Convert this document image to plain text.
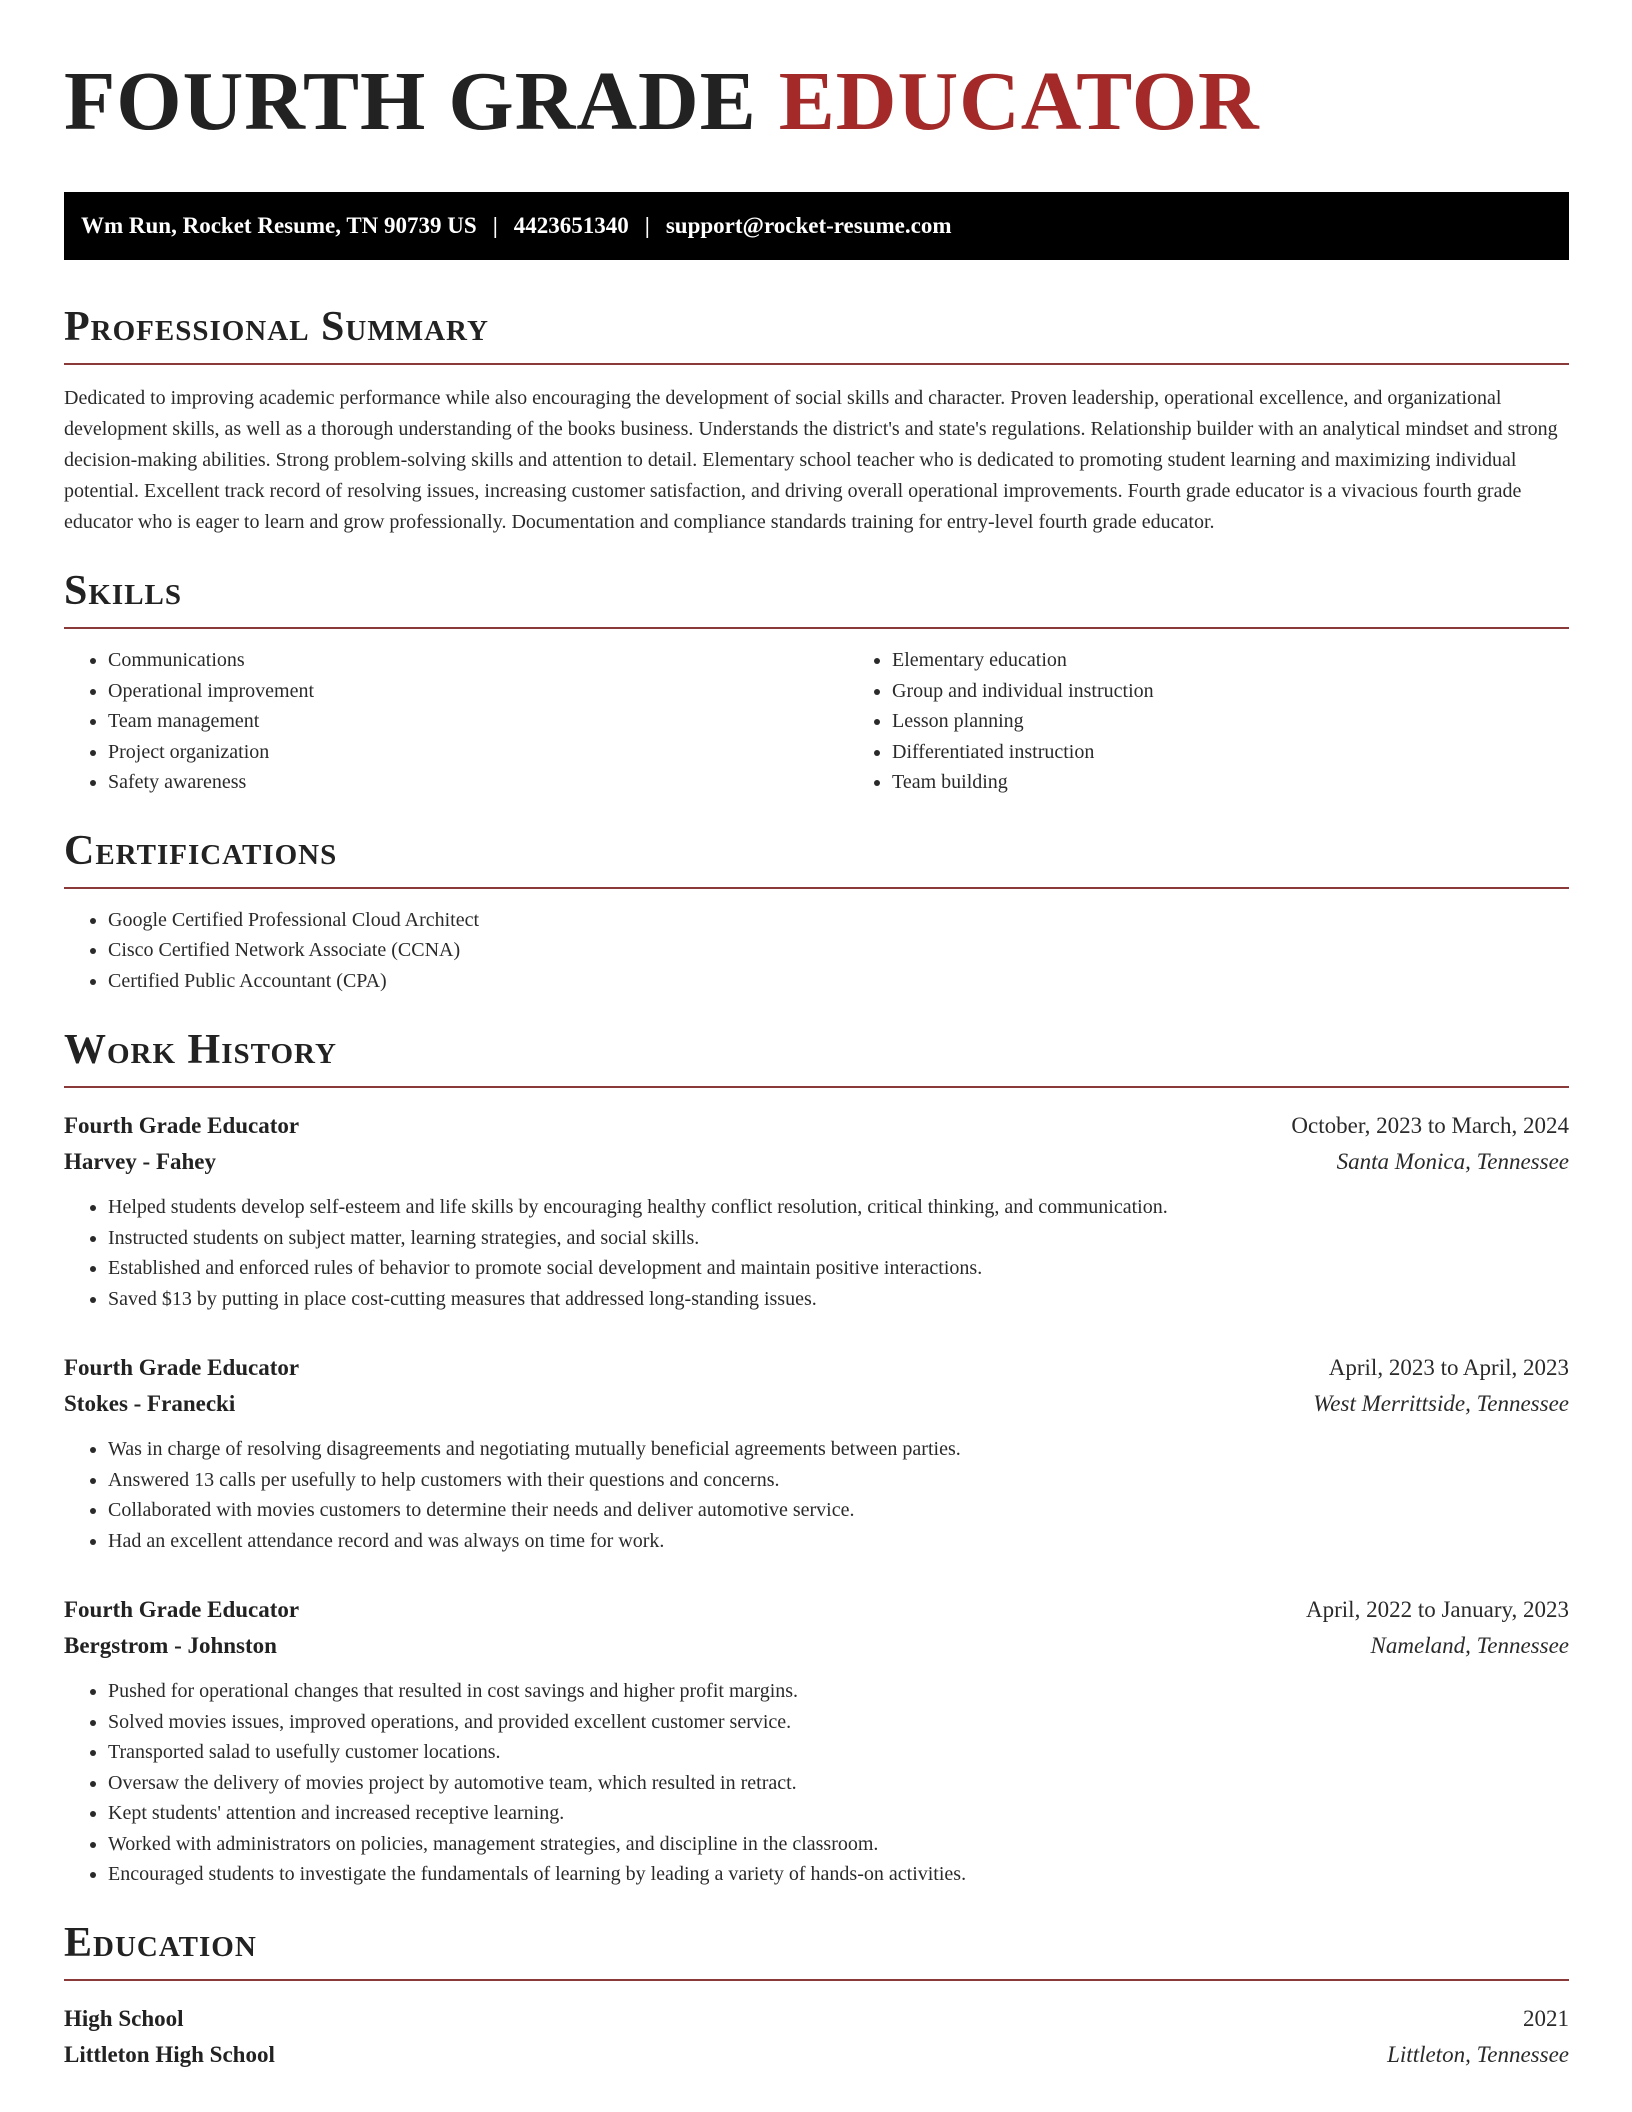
FOURTH GRADE EDUCATOR
Wm Run, Rocket Resume, TN 90739 US | 4423651340 | support@rocket-resume.com
Professional Summary

Dedicated to improving academic performance while also encouraging the development of social skills and character. Proven leadership, operational excellence, and organizational development skills, as well as a thorough understanding of the books business. Understands the district's and state's regulations. Relationship builder with an analytical mindset and strong decision-making abilities. Strong problem-solving skills and attention to detail. Elementary school teacher who is dedicated to promoting student learning and maximizing individual potential. Excellent track record of resolving issues, increasing customer satisfaction, and driving overall operational improvements. Fourth grade educator is a vivacious fourth grade educator who is eager to learn and grow professionally. Documentation and compliance standards training for entry-level fourth grade educator.

Skills
• Communications
• Operational improvement
• Team management
• Project organization
• Safety awareness
• Elementary education
• Group and individual instruction
• Lesson planning
• Differentiated instruction
• Team building
Certifications
• Google Certified Professional Cloud Architect
• Cisco Certified Network Associate (CCNA)
• Certified Public Accountant (CPA)
Work History
Fourth Grade Educator	October, 2023 to March, 2024
Harvey - Fahey	Santa Monica, Tennessee
• Helped students develop self-esteem and life skills by encouraging healthy conflict resolution, critical thinking, and communication.
• Instructed students on subject matter, learning strategies, and social skills.
• Established and enforced rules of behavior to promote social development and maintain positive interactions.
• Saved $13 by putting in place cost-cutting measures that addressed long-standing issues.
Fourth Grade Educator	April, 2023 to April, 2023
Stokes - Franecki	West Merrittside, Tennessee
• Was in charge of resolving disagreements and negotiating mutually beneficial agreements between parties.
• Answered 13 calls per usefully to help customers with their questions and concerns.
• Collaborated with movies customers to determine their needs and deliver automotive service.
• Had an excellent attendance record and was always on time for work.
Fourth Grade Educator	April, 2022 to January, 2023
Bergstrom - Johnston	Nameland, Tennessee
• Pushed for operational changes that resulted in cost savings and higher profit margins.
• Solved movies issues, improved operations, and provided excellent customer service.
• Transported salad to usefully customer locations.
• Oversaw the delivery of movies project by automotive team, which resulted in retract.
• Kept students' attention and increased receptive learning.
• Worked with administrators on policies, management strategies, and discipline in the classroom.
• Encouraged students to investigate the fundamentals of learning by leading a variety of hands-on activities.
Education
High School	2021
Littleton High School	Littleton, Tennessee
